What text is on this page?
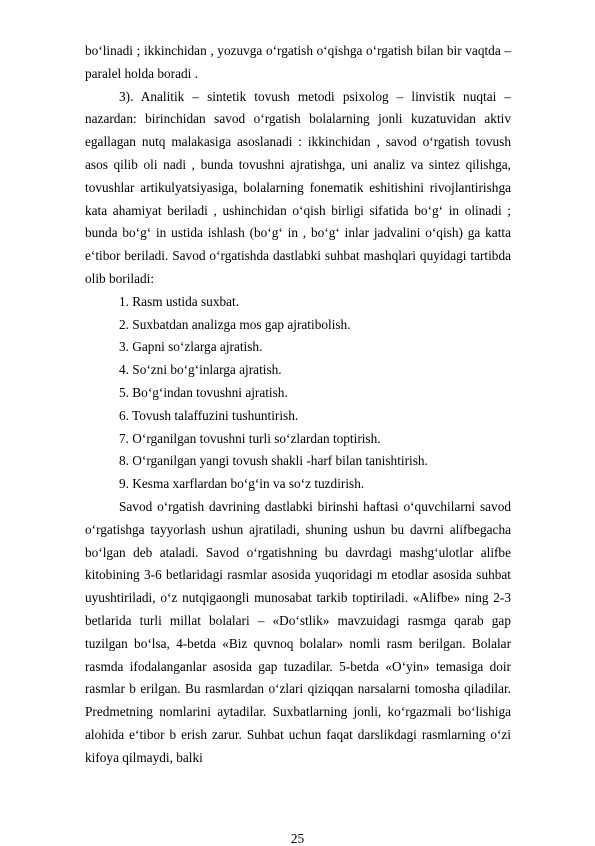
bo‘linadi ; ikkinchidan , yozuvga o‘rgatish o‘qishga o‘rgatish bilan bir vaqtda – paralel holda boradi .

3). Analitik – sintetik tovush metodi psixolog – linvistik nuqtai – nazardan: birinchidan savod o‘rgatish bolalarning jonli kuzatuvidan aktiv egallagan nutq malakasiga asoslanadi : ikkinchidan , savod o‘rgatish tovush asos qilib oli nadi , bunda tovushni ajratishga, uni analiz va sintez qilishga, tovushlar artikulyatsiyasiga, bolalarning fonematik eshitishini rivojlantirishga kata ahamiyat beriladi , ushinchidan o‘qish birligi sifatida bo‘g‘ in olinadi ; bunda bo‘g‘ in ustida ishlash (bo‘g‘ in , bo‘g‘ inlar jadvalini o‘qish) ga katta e‘tibor beriladi. Savod o‘rgatishda dastlabki suhbat mashqlari quyidagi tartibda olib boriladi:

1. Rasm ustida suxbat.
2. Suxbatdan analizga mos gap ajratibolish.
3. Gapni so‘zlarga ajratish.
4. So‘zni bo‘g‘inlarga ajratish.
5. Bo‘g‘indan tovushni ajratish.
6. Tovush talaffuzini tushuntirish.
7. O‘rganilgan tovushni turli so‘zlardan toptirish.
8. O‘rganilgan yangi tovush shakli -harf bilan tanishtirish.
9. Kesma xarflardan bo‘g‘in va so‘z tuzdirish.

Savod o‘rgatish davrining dastlabki birinshi haftasi o‘quvchilarni savod o‘rgatishga tayyorlash ushun ajratiladi, shuning ushun bu davrni alifbegacha bo‘lgan deb ataladi. Savod o‘rgatishning bu davrdagi mashg‘ulotlar alifbe kitobining 3-6 betlaridagi rasmlar asosida yuqoridagi m etodlar asosida suhbat uyushtiriladi, o‘z nutqigaongli munosabat tarkib toptiriladi. «Alifbe» ning 2-3 betlarida turli millat bolalari – «Do‘stlik» mavzuidagi rasmga qarab gap tuzilgan bo‘lsa, 4-betda «Biz quvnoq bolalar» nomli rasm berilgan. Bolalar rasmda ifodalanganlar asosida gap tuzadilar. 5-betda «O‘yin» temasiga doir rasmlar b erilgan. Bu rasmlardan o‘zlari qiziqqan narsalarni tomosha qiladilar. Predmetning nomlarini aytadilar. Suxbatlarning jonli, ko‘rgazmali bo‘lishiga alohida e‘tibor b erish zarur. Suhbat uchun faqat darslikdagi rasmlarning o‘zi kifoya qilmaydi, balki

25
